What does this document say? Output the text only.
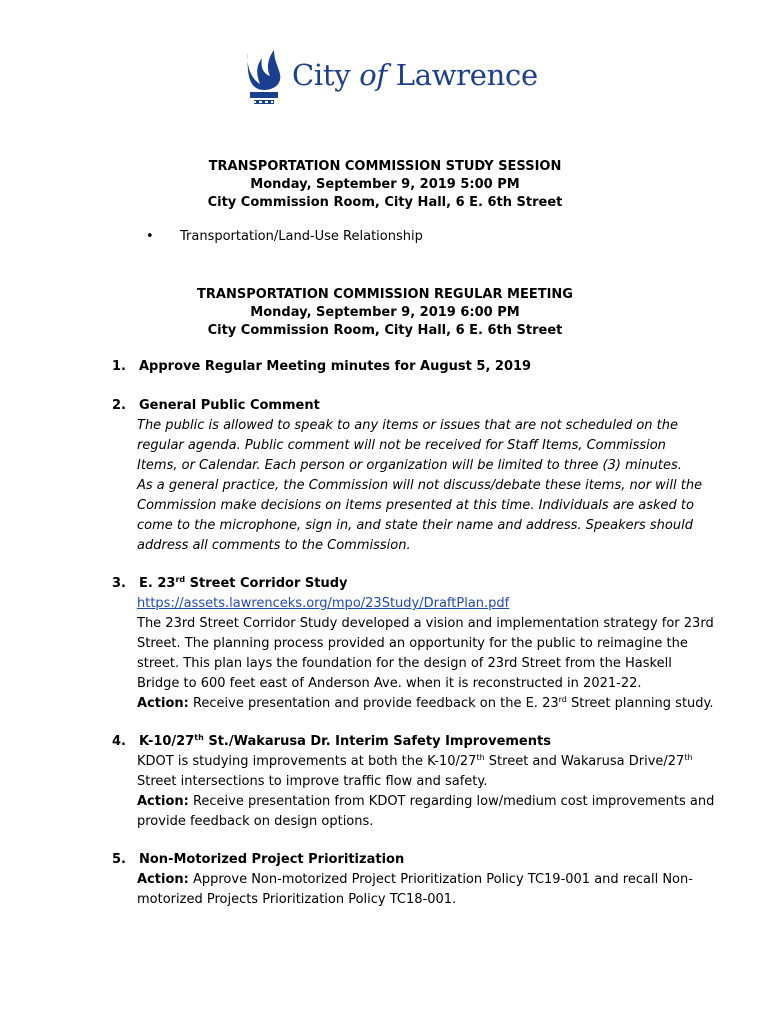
City of Lawrence
TRANSPORTATION COMMISSION STUDY SESSION
Monday, September 9, 2019 5:00 PM
City Commission Room, City Hall, 6 E. 6th Street
• Transportation/Land-Use Relationship
TRANSPORTATION COMMISSION REGULAR MEETING
Monday, September 9, 2019 6:00 PM
City Commission Room, City Hall, 6 E. 6th Street
1. Approve Regular Meeting minutes for August 5, 2019
2. General Public Comment
The public is allowed to speak to any items or issues that are not scheduled on the
regular agenda. Public comment will not be received for Staff Items, Commission
Items, or Calendar. Each person or organization will be limited to three (3) minutes.
As a general practice, the Commission will not discuss/debate these items, nor will the
Commission make decisions on items presented at this time. Individuals are asked to
come to the microphone, sign in, and state their name and address. Speakers should
address all comments to the Commission.
3. E. 23rd Street Corridor Study
https://assets.lawrenceks.org/mpo/23Study/DraftPlan.pdf
The 23rd Street Corridor Study developed a vision and implementation strategy for 23rd
Street. The planning process provided an opportunity for the public to reimagine the
street. This plan lays the foundation for the design of 23rd Street from the Haskell
Bridge to 600 feet east of Anderson Ave. when it is reconstructed in 2021-22.
Action: Receive presentation and provide feedback on the E. 23rd Street planning study.
4. K-10/27th St./Wakarusa Dr. Interim Safety Improvements
KDOT is studying improvements at both the K-10/27th Street and Wakarusa Drive/27th
Street intersections to improve traffic flow and safety.
Action: Receive presentation from KDOT regarding low/medium cost improvements and
provide feedback on design options.
5. Non-Motorized Project Prioritization
Action: Approve Non-motorized Project Prioritization Policy TC19-001 and recall Non-
motorized Projects Prioritization Policy TC18-001.
